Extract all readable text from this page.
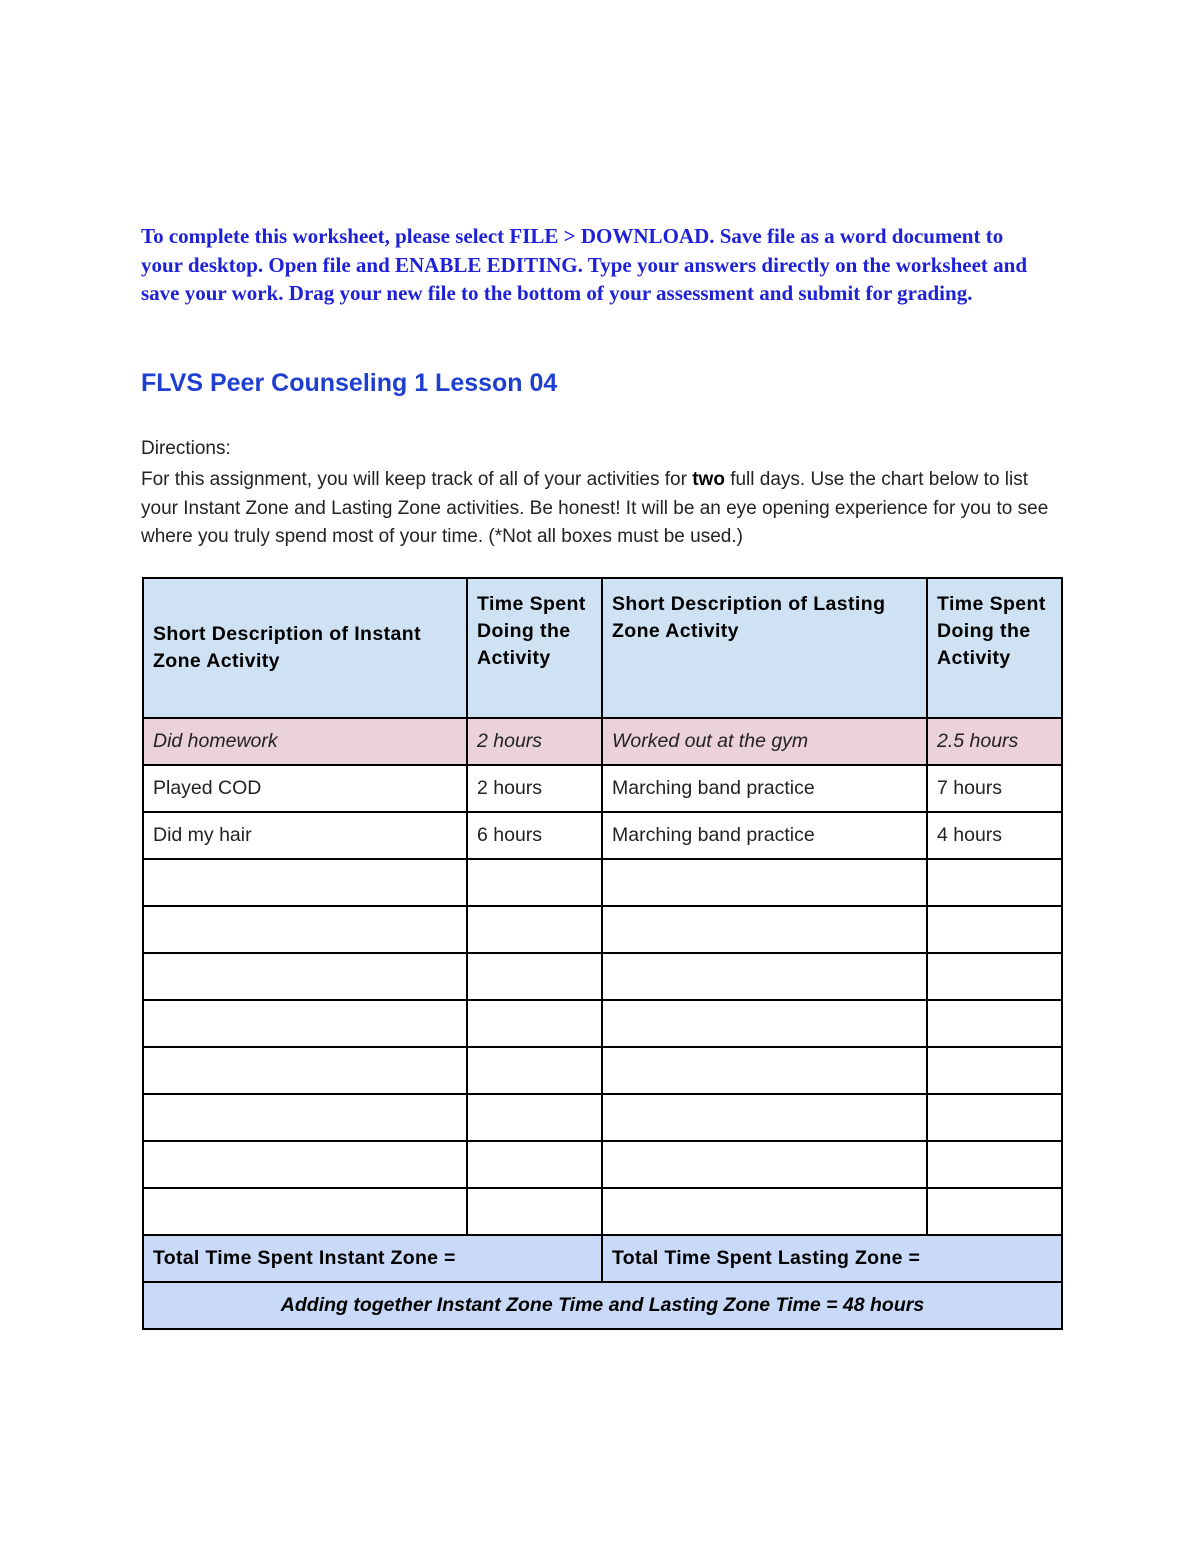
To complete this worksheet, please select FILE > DOWNLOAD. Save file as a word document to your desktop. Open file and ENABLE EDITING. Type your answers directly on the worksheet and save your work. Drag your new file to the bottom of your assessment and submit for grading.
FLVS Peer Counseling 1 Lesson 04
Directions:
For this assignment, you will keep track of all of your activities for two full days. Use the chart below to list your Instant Zone and Lasting Zone activities. Be honest! It will be an eye opening experience for you to see where you truly spend most of your time. (*Not all boxes must be used.)
Short Description of Instant Zone Activity	Time Spent Doing the Activity	Short Description of Lasting Zone Activity	Time Spent Doing the Activity
Did homework	2 hours	Worked out at the gym	2.5 hours
Played COD	2 hours	Marching band practice	7 hours
Did my hair	6 hours	Marching band practice	4 hours

Total Time Spent Instant Zone =		Total Time Spent Lasting Zone =	
Adding together Instant Zone Time and Lasting Zone Time = 48 hours			
